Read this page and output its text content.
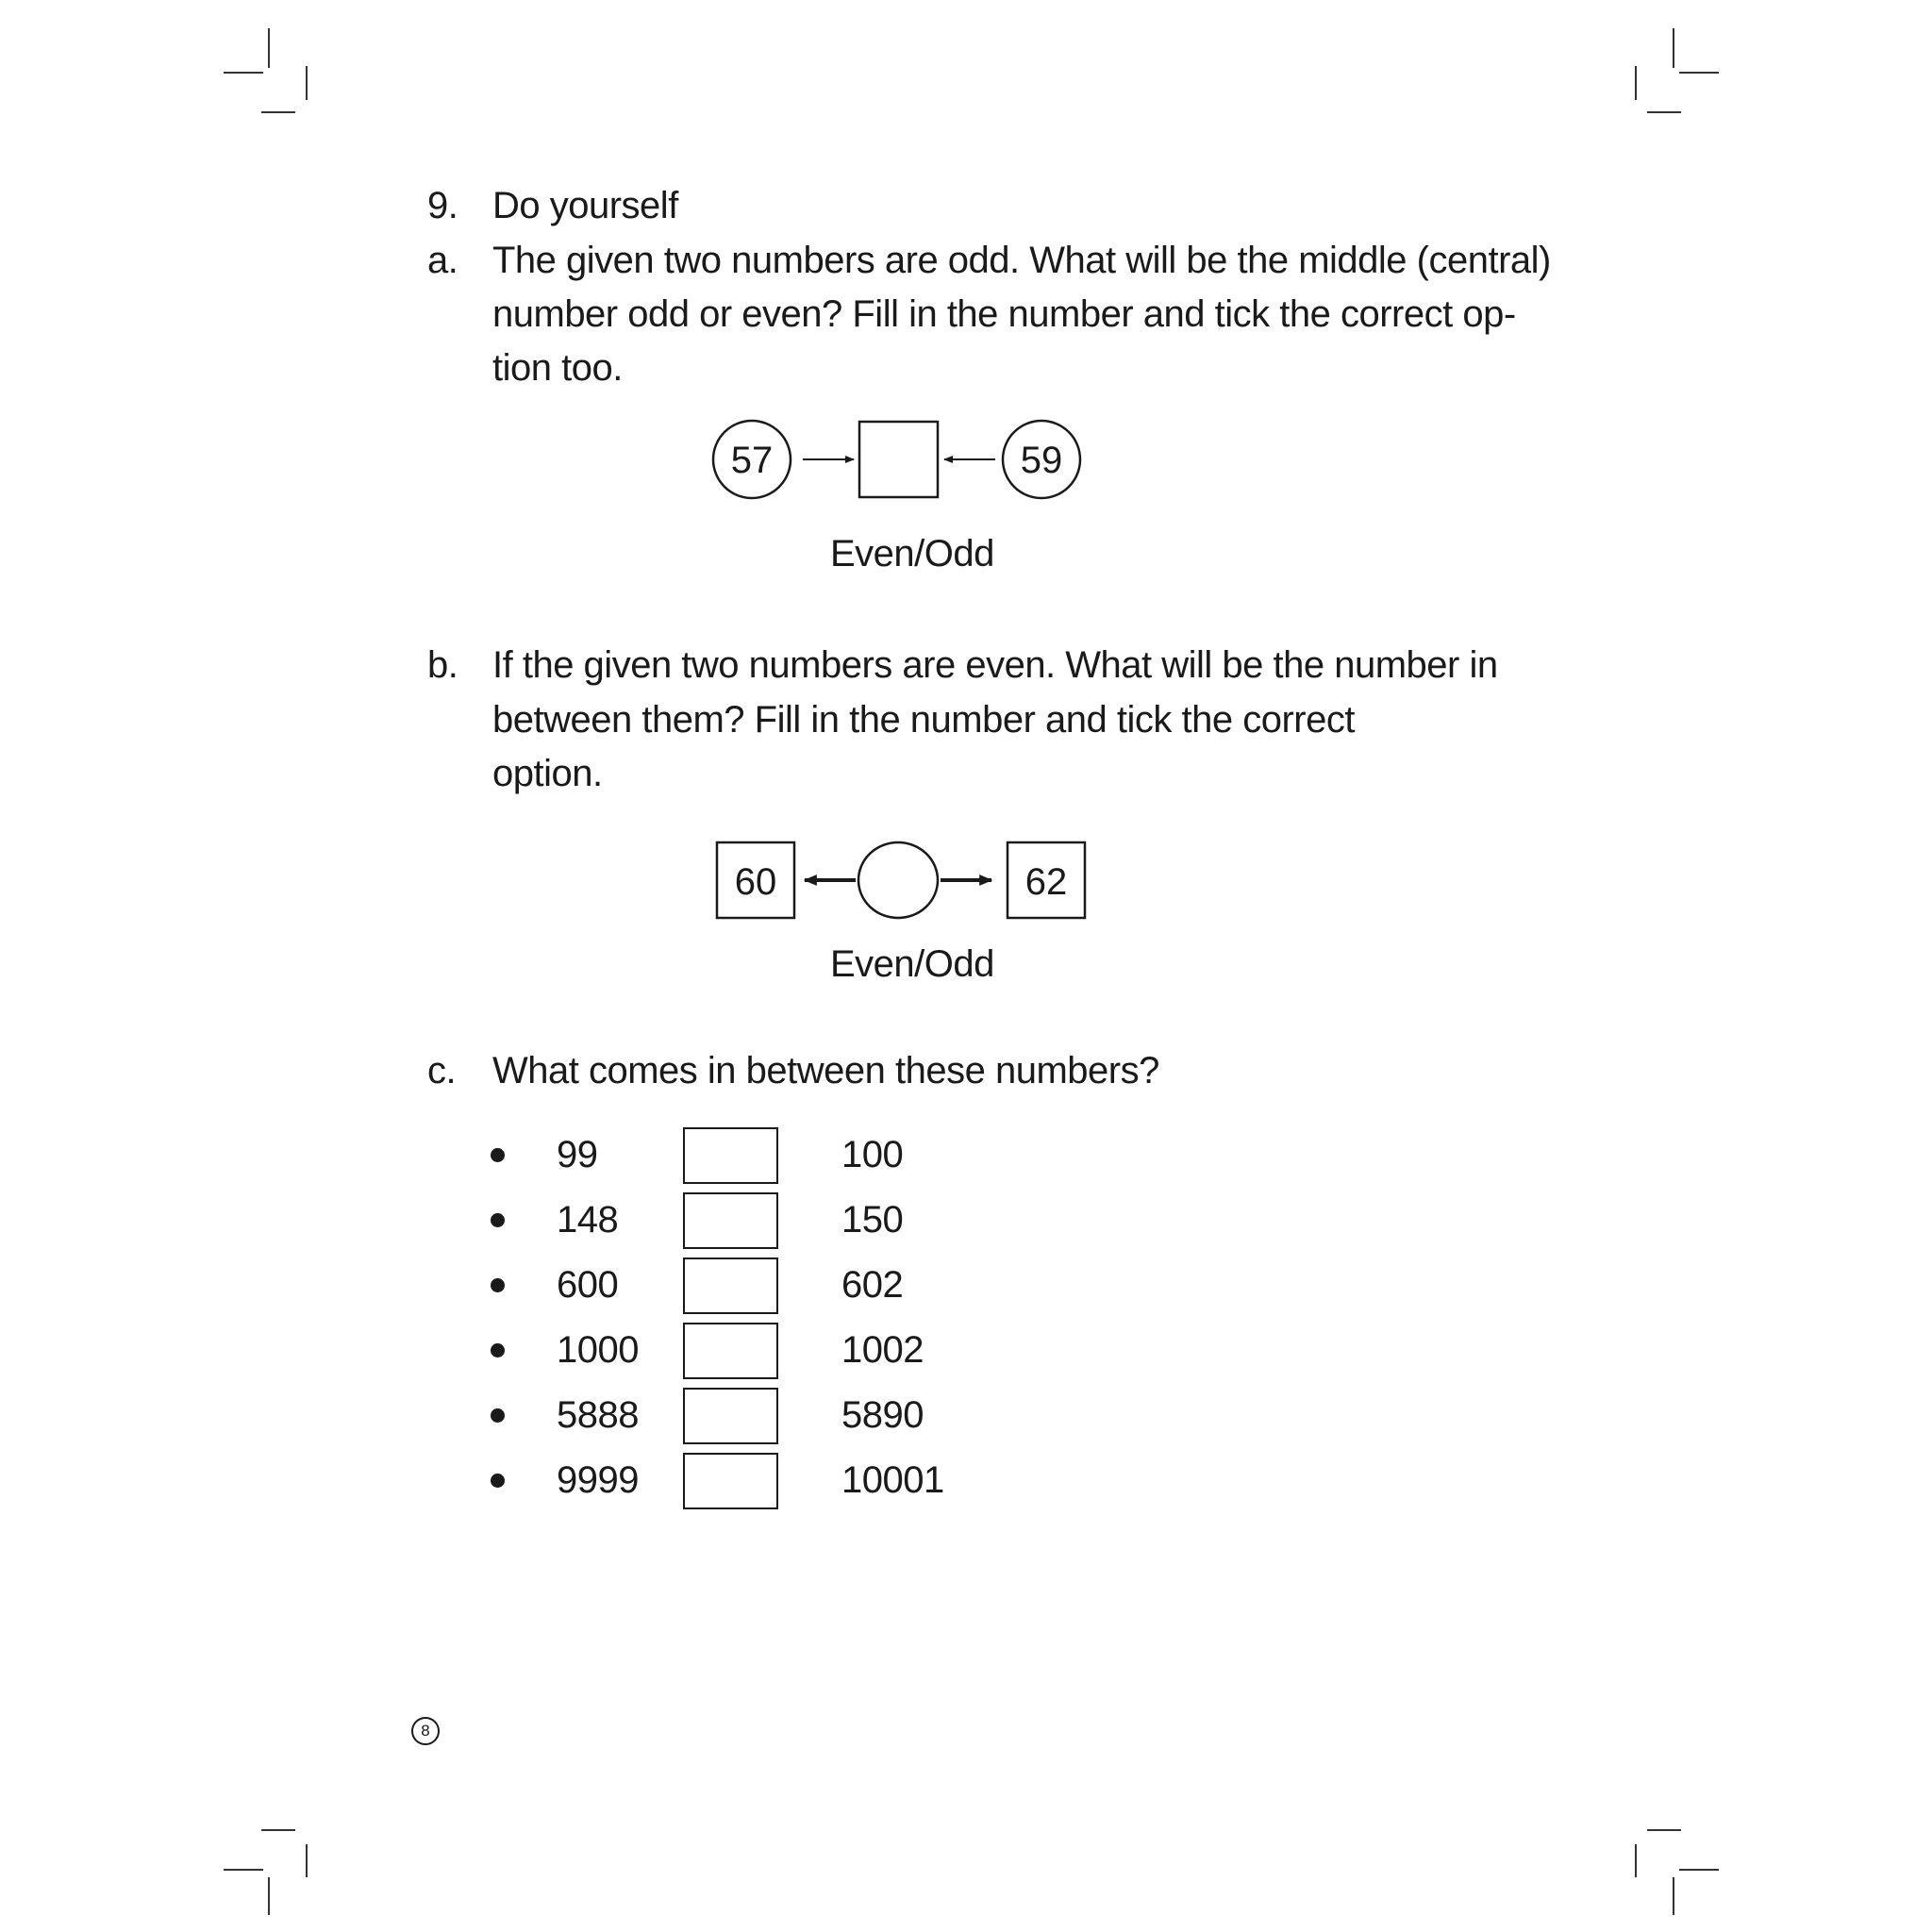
9. Do yourself
a. The given two numbers are odd. What will be the middle (central)
number odd or even? Fill in the number and tick the correct op-
tion too.
57	59
Even/Odd
b. If the given two numbers are even. What will be the number in
between them? Fill in the number and tick the correct
option.
60	62
Even/Odd
c. What comes in between these numbers?
99	100
148	150
600	602
1000	1002
5888	5890
9999	10001
8
